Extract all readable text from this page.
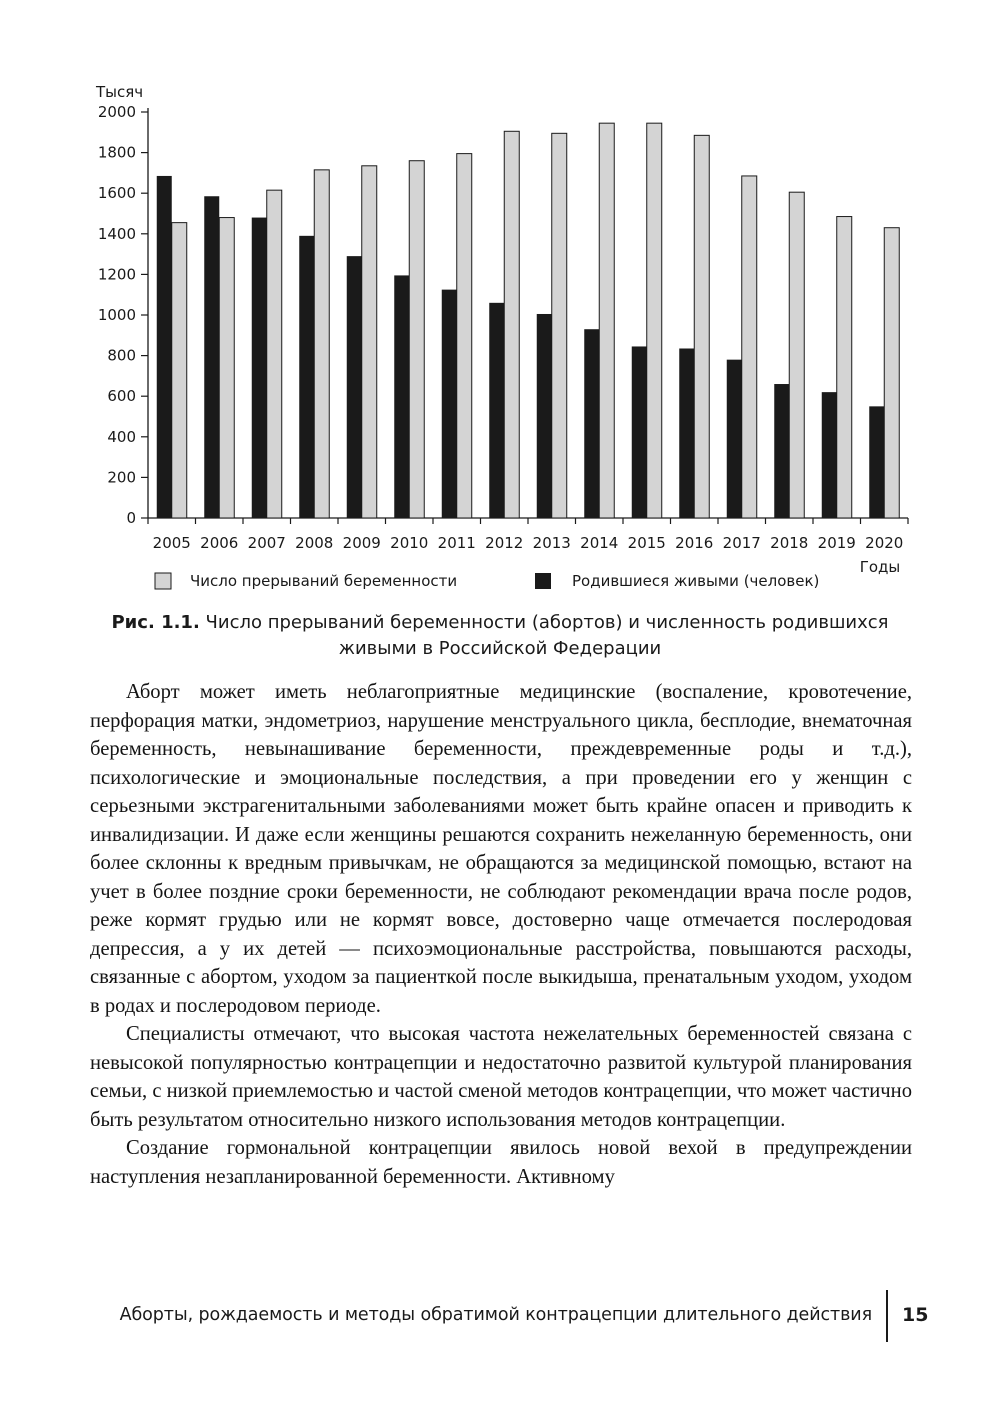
Тысяч
0
200
400
600
800
1000
1200
1400
1600
1800
2000
2005 2006 2007 2008 2009 2010 2011 2012 2013 2014 2015 2016 2017 2018 2019 2020
Годы
Число прерываний беременности	Родившиеся живыми (человек)
Рис. 1.1. Число прерываний беременности (абортов) и численность родившихся живыми в Российской Федерации

Аборт может иметь неблагоприятные медицинские (воспаление, кровотечение, перфорация матки, эндометриоз, нарушение менструального цикла, бесплодие, внематочная беременность, невынашивание беременности, преждевременные роды и т.д.), психологические и эмоциональные последствия, а при проведении его у женщин с серьезными экстрагенитальными заболеваниями может быть крайне опасен и приводить к инвалидизации. И даже если женщины решаются сохранить нежеланную беременность, они более склонны к вредным привычкам, не обращаются за медицинской помощью, встают на учет в более поздние сроки беременности, не соблюдают рекомендации врача после родов, реже кормят грудью или не кормят вовсе, достоверно чаще отмечается послеродовая депрессия, а у их детей — психоэмоциональные расстройства, повышаются расходы, связанные с абортом, уходом за пациенткой после выкидыша, пренатальным уходом, уходом в родах и послеродовом периоде.

Специалисты отмечают, что высокая частота нежелательных беременностей связана с невысокой популярностью контрацепции и недостаточно развитой культурой планирования семьи, с низкой приемлемостью и частой сменой методов контрацепции, что может частично быть результатом относительно низкого использования методов контрацепции.

Создание гормональной контрацепции явилось новой вехой в предупреждении наступления незапланированной беременности. Активному

Аборты, рождаемость и методы обратимой контрацепции длительного действия 15
